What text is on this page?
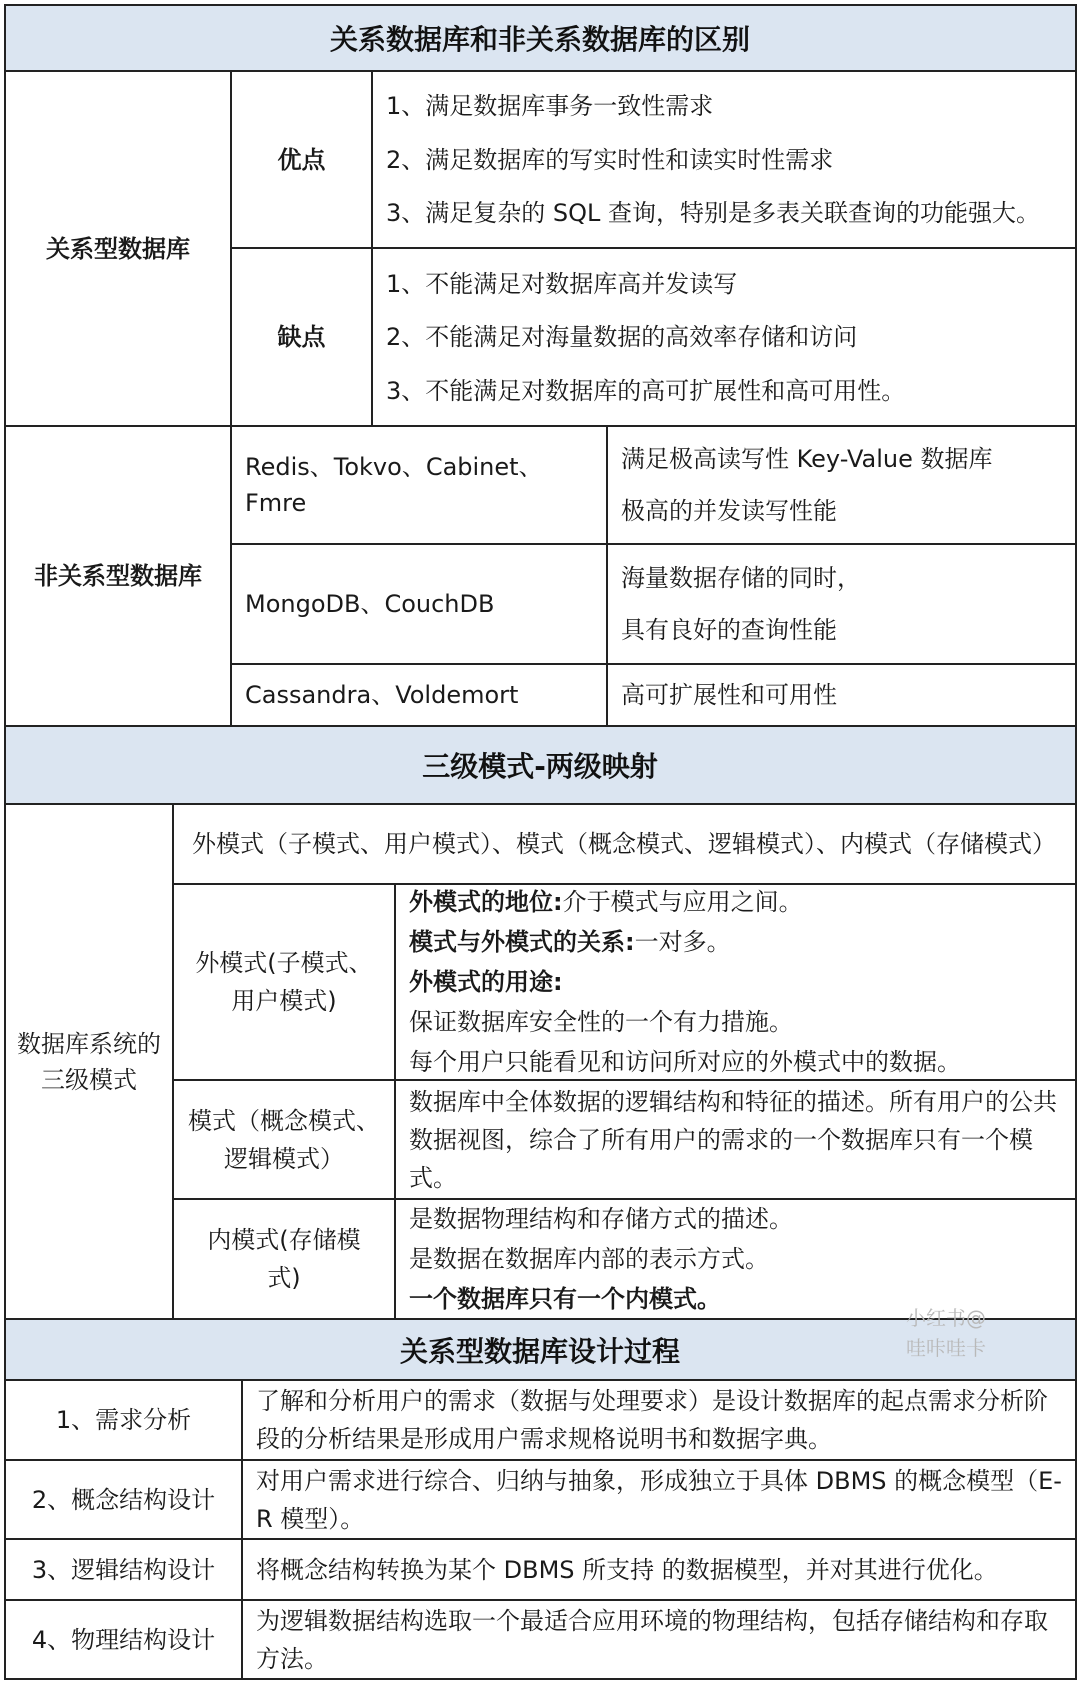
关系数据库和非关系数据库的区别
关系型数据库
优点
1、满足数据库事务一致性需求
2、满足数据库的写实时性和读实时性需求
3、满足复杂的 SQL 查询，特别是多表关联查询的功能强大。
缺点
1、不能满足对数据库高并发读写
2、不能满足对海量数据的高效率存储和访问
3、不能满足对数据库的高可扩展性和高可用性。
非关系型数据库
Redis、Tokvo、Cabinet、Fmre
满足极高读写性 Key-Value 数据库
极高的并发读写性能
MongoDB、CouchDB
海量数据存储的同时，
具有良好的查询性能
Cassandra、Voldemort	高可扩展性和可用性
三级模式-两级映射
数据库系统的三级模式
外模式（子模式、用户模式）、模式（概念模式、逻辑模式）、内模式（存储模式）
外模式(子模式、用户模式)
外模式的地位:介于模式与应用之间。
模式与外模式的关系:一对多。
外模式的用途:
保证数据库安全性的一个有力措施。
每个用户只能看见和访问所对应的外模式中的数据。
模式（概念模式、逻辑模式）
数据库中全体数据的逻辑结构和特征的描述。所有用户的公共数据视图，综合了所有用户的需求的一个数据库只有一个模式。
内模式(存储模式)
是数据物理结构和存储方式的描述。
是数据在数据库内部的表示方式。
一个数据库只有一个内模式。
关系型数据库设计过程
1、需求分析
了解和分析用户的需求（数据与处理要求）是设计数据库的起点需求分析阶段的分析结果是形成用户需求规格说明书和数据字典。
2、概念结构设计
对用户需求进行综合、归纳与抽象，形成独立于具体 DBMS 的概念模型（E-R 模型）。
3、逻辑结构设计	将概念结构转换为某个 DBMS 所支持 的数据模型，并对其进行优化。
4、物理结构设计
为逻辑数据结构选取一个最适合应用环境的物理结构，包括存储结构和存取方法。
小红书@
哇咔哇卡
